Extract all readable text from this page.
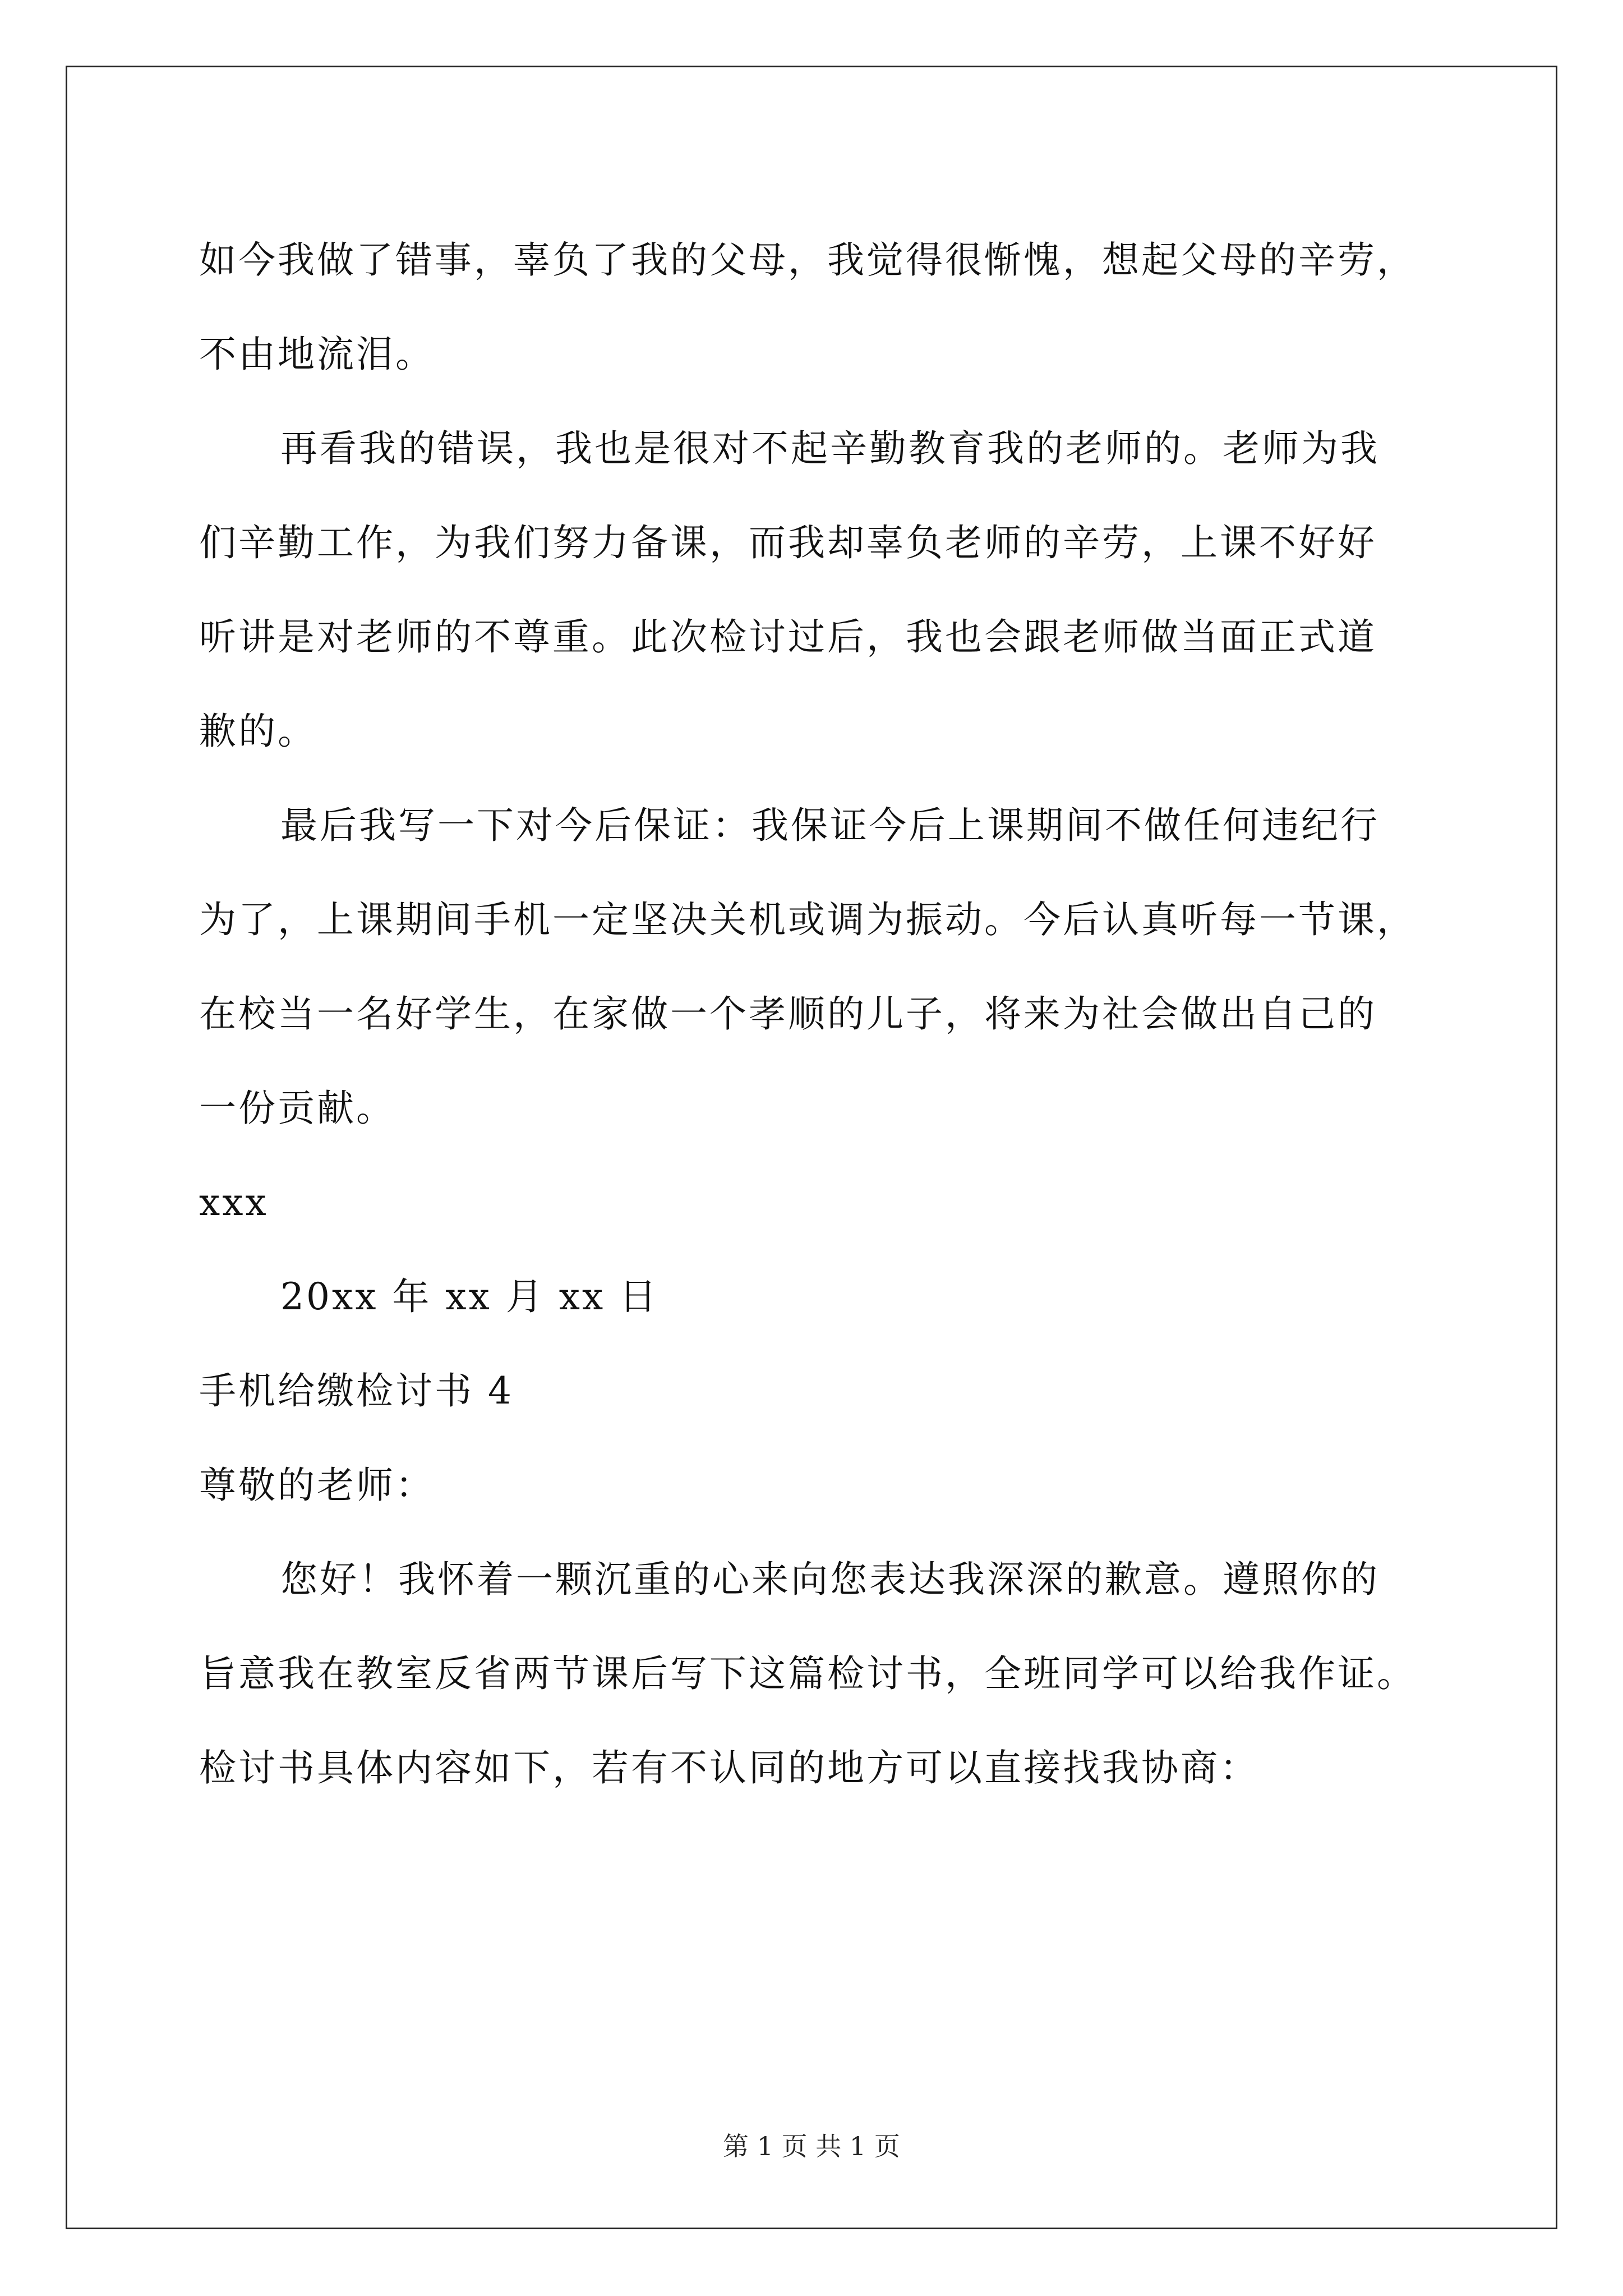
如今我做了错事，辜负了我的父母，我觉得很惭愧，想起父母的辛劳，
不由地流泪。
再看我的错误，我也是很对不起辛勤教育我的老师的。老师为我
们辛勤工作，为我们努力备课，而我却辜负老师的辛劳，上课不好好
听讲是对老师的不尊重。此次检讨过后，我也会跟老师做当面正式道
歉的。
最后我写一下对今后保证：我保证今后上课期间不做任何违纪行
为了，上课期间手机一定坚决关机或调为振动。今后认真听每一节课，
在校当一名好学生，在家做一个孝顺的儿子，将来为社会做出自己的
一份贡献。
xxx
20xx 年 xx 月 xx 日
手机给缴检讨书 4
尊敬的老师：
您好！我怀着一颗沉重的心来向您表达我深深的歉意。遵照你的
旨意我在教室反省两节课后写下这篇检讨书，全班同学可以给我作证。
检讨书具体内容如下，若有不认同的地方可以直接找我协商：
第 1 页 共 1 页
